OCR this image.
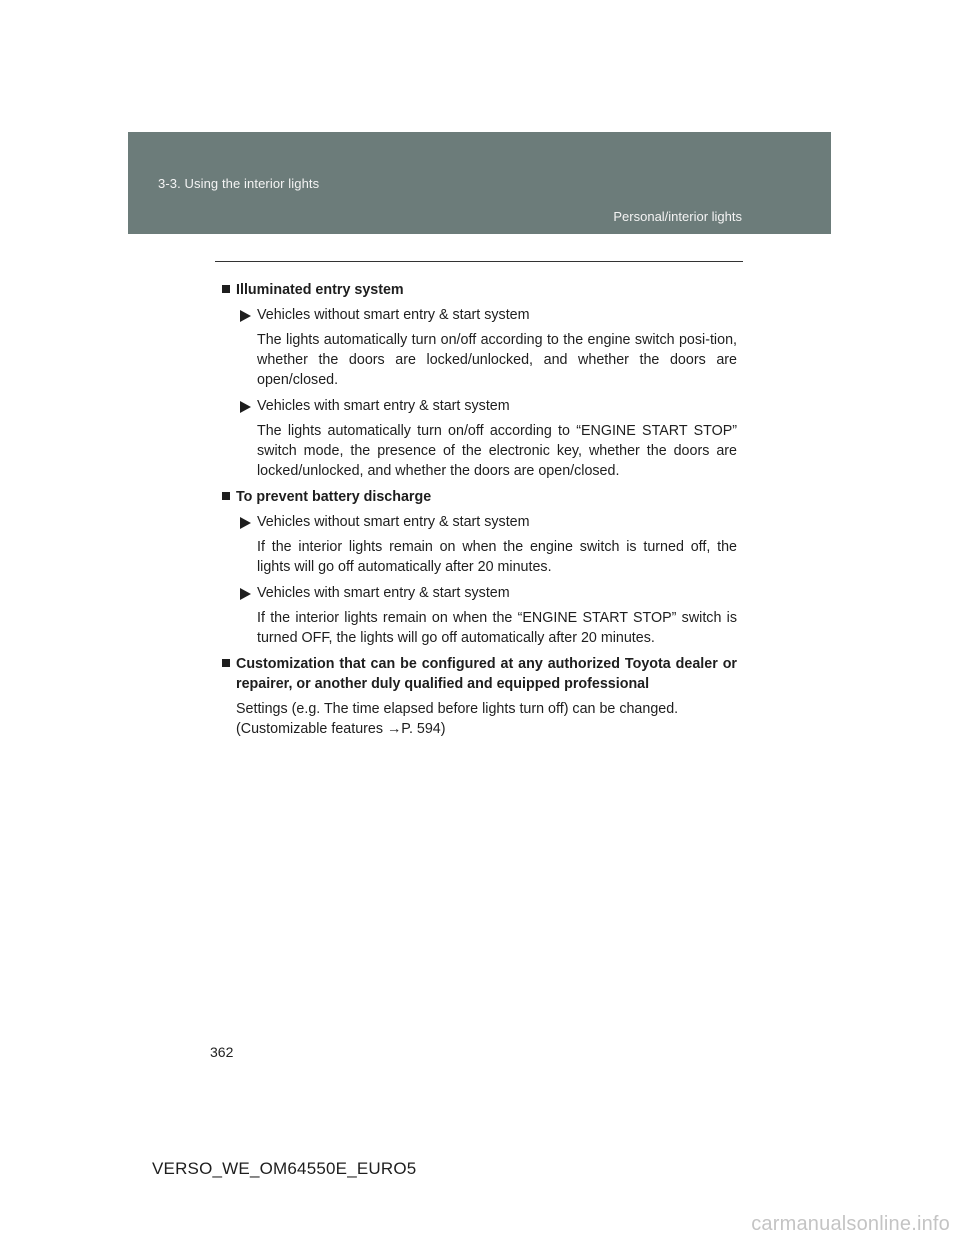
3-3. Using the interior lights
Personal/interior lights
Illuminated entry system
Vehicles without smart entry & start system
The lights automatically turn on/off according to the engine switch posi-tion, whether the doors are locked/unlocked, and whether the doors are open/closed.
Vehicles with smart entry & start system
The lights automatically turn on/off according to “ENGINE START STOP” switch mode, the presence of the electronic key, whether the doors are locked/unlocked, and whether the doors are open/closed.
To prevent battery discharge
Vehicles without smart entry & start system
If the interior lights remain on when the engine switch is turned off, the lights will go off automatically after 20 minutes.
Vehicles with smart entry & start system
If the interior lights remain on when the “ENGINE START STOP” switch is turned OFF, the lights will go off automatically after 20 minutes.
Customization that can be configured at any authorized Toyota dealer or repairer, or another duly qualified and equipped professional
Settings (e.g. The time elapsed before lights turn off) can be changed.
(Customizable features →P. 594)
362
VERSO_WE_OM64550E_EURO5
carmanualsonline.info
